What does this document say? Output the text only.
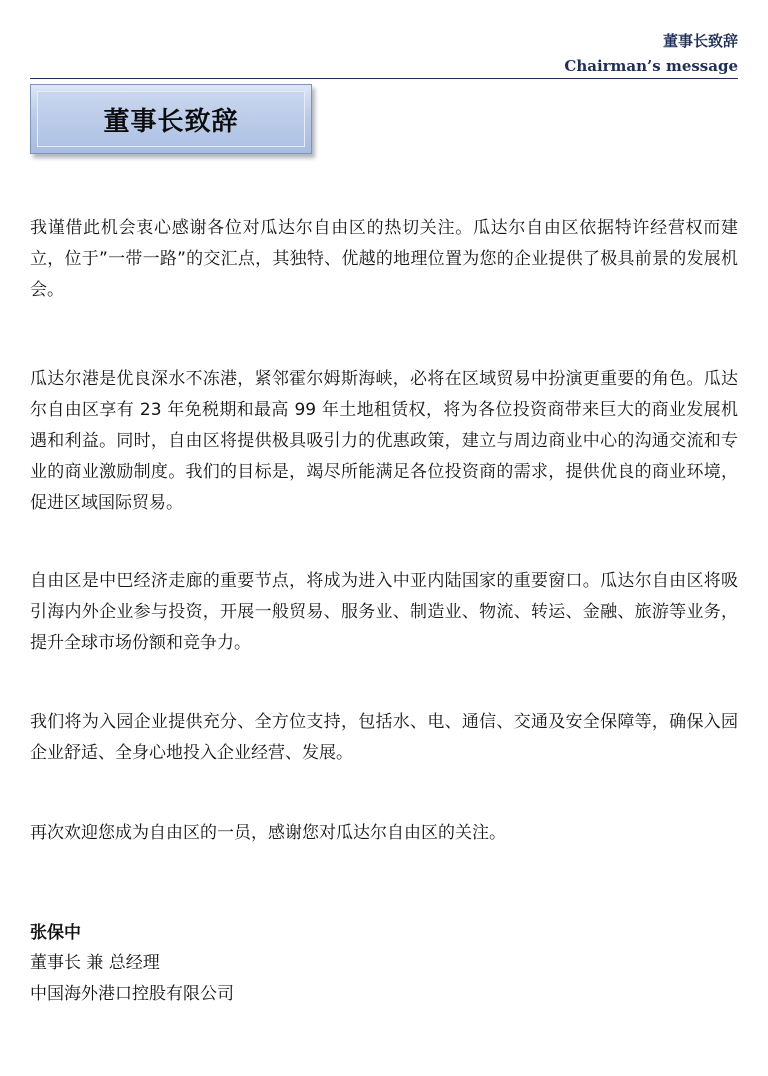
董事长致辞
Chairman’s message
董事长致辞

我谨借此机会衷心感谢各位对瓜达尔自由区的热切关注。瓜达尔自由区依据特许经营权而建立，位于”一带一路”的交汇点，其独特、优越的地理位置为您的企业提供了极具前景的发展机会。

瓜达尔港是优良深水不冻港，紧邻霍尔姆斯海峡，必将在区域贸易中扮演更重要的角色。瓜达尔自由区享有 23 年免税期和最高 99 年土地租赁权，将为各位投资商带来巨大的商业发展机遇和利益。同时，自由区将提供极具吸引力的优惠政策，建立与周边商业中心的沟通交流和专业的商业激励制度。我们的目标是，竭尽所能满足各位投资商的需求，提供优良的商业环境，促进区域国际贸易。

自由区是中巴经济走廊的重要节点，将成为进入中亚内陆国家的重要窗口。瓜达尔自由区将吸引海内外企业参与投资，开展一般贸易、服务业、制造业、物流、转运、金融、旅游等业务，提升全球市场份额和竞争力。

我们将为入园企业提供充分、全方位支持，包括水、电、通信、交通及安全保障等，确保入园企业舒适、全身心地投入企业经营、发展。

再次欢迎您成为自由区的一员，感谢您对瓜达尔自由区的关注。

张保中
董事长 兼 总经理
中国海外港口控股有限公司
